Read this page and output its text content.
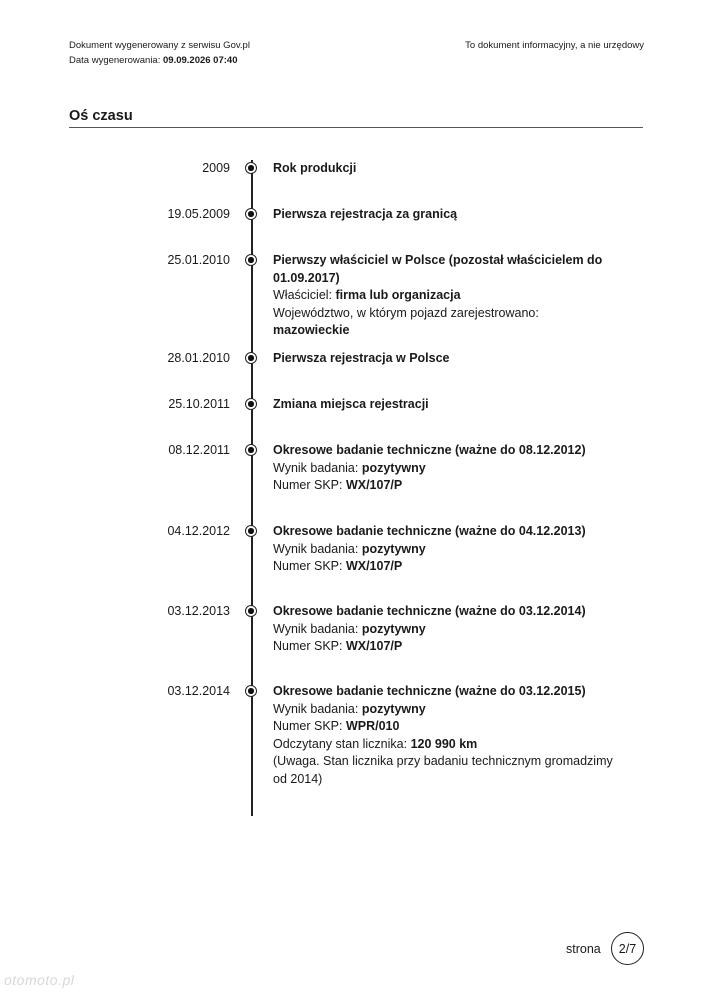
Dokument wygenerowany z serwisu Gov.pl
Data wygenerowania: 09.09.2026 07:40
To dokument informacyjny, a nie urzędowy
Oś czasu
2009	Rok produkcji
19.05.2009	Pierwsza rejestracja za granicą
25.01.2010	Pierwszy właściciel w Polsce (pozostał właścicielem do 01.09.2017)
Właściciel: firma lub organizacja
Województwo, w którym pojazd zarejestrowano: mazowieckie
28.01.2010	Pierwsza rejestracja w Polsce
25.10.2011	Zmiana miejsca rejestracji
08.12.2011	Okresowe badanie techniczne (ważne do 08.12.2012)
Wynik badania: pozytywny
Numer SKP: WX/107/P
04.12.2012	Okresowe badanie techniczne (ważne do 04.12.2013)
Wynik badania: pozytywny
Numer SKP: WX/107/P
03.12.2013	Okresowe badanie techniczne (ważne do 03.12.2014)
Wynik badania: pozytywny
Numer SKP: WX/107/P
03.12.2014	Okresowe badanie techniczne (ważne do 03.12.2015)
Wynik badania: pozytywny
Numer SKP: WPR/010
Odczytany stan licznika: 120 990 km
(Uwaga. Stan licznika przy badaniu technicznym gromadzimy od 2014)
strona 2/7
otomoto.pl
